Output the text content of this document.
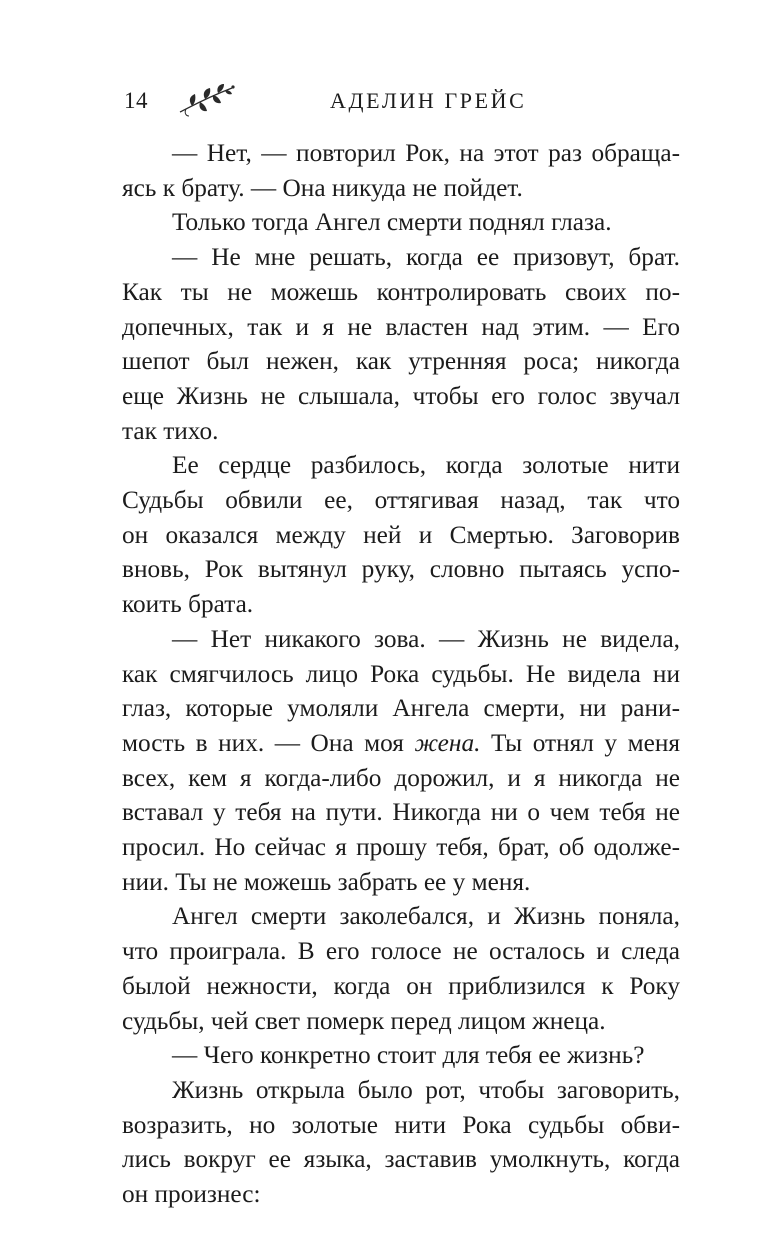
14	АДЕЛИН ГРЕЙС
— Нет, — повторил Рок, на этот раз обраща-
ясь к брату. — Она никуда не пойдет.
Только тогда Ангел смерти поднял глаза.
— Не мне решать, когда ее призовут, брат.
Как ты не можешь контролировать своих по-
допечных, так и я не властен над этим. — Его
шепот был нежен, как утренняя роса; никогда
еще Жизнь не слышала, чтобы его голос звучал
так тихо.
Ее сердце разбилось, когда золотые нити
Судьбы обвили ее, оттягивая назад, так что
он оказался между ней и Смертью. Заговорив
вновь, Рок вытянул руку, словно пытаясь успо-
коить брата.
— Нет никакого зова. — Жизнь не видела,
как смягчилось лицо Рока судьбы. Не видела ни
глаз, которые умоляли Ангела смерти, ни рани-
мость в них. — Она моя жена. Ты отнял у меня
всех, кем я когда-либо дорожил, и я никогда не
вставал у тебя на пути. Никогда ни о чем тебя не
просил. Но сейчас я прошу тебя, брат, об одолже-
нии. Ты не можешь забрать ее у меня.
Ангел смерти заколебался, и Жизнь поняла,
что проиграла. В его голосе не осталось и следа
былой нежности, когда он приблизился к Року
судьбы, чей свет померк перед лицом жнеца.
— Чего конкретно стоит для тебя ее жизнь?
Жизнь открыла было рот, чтобы заговорить,
возразить, но золотые нити Рока судьбы обви-
лись вокруг ее языка, заставив умолкнуть, когда
он произнес:
